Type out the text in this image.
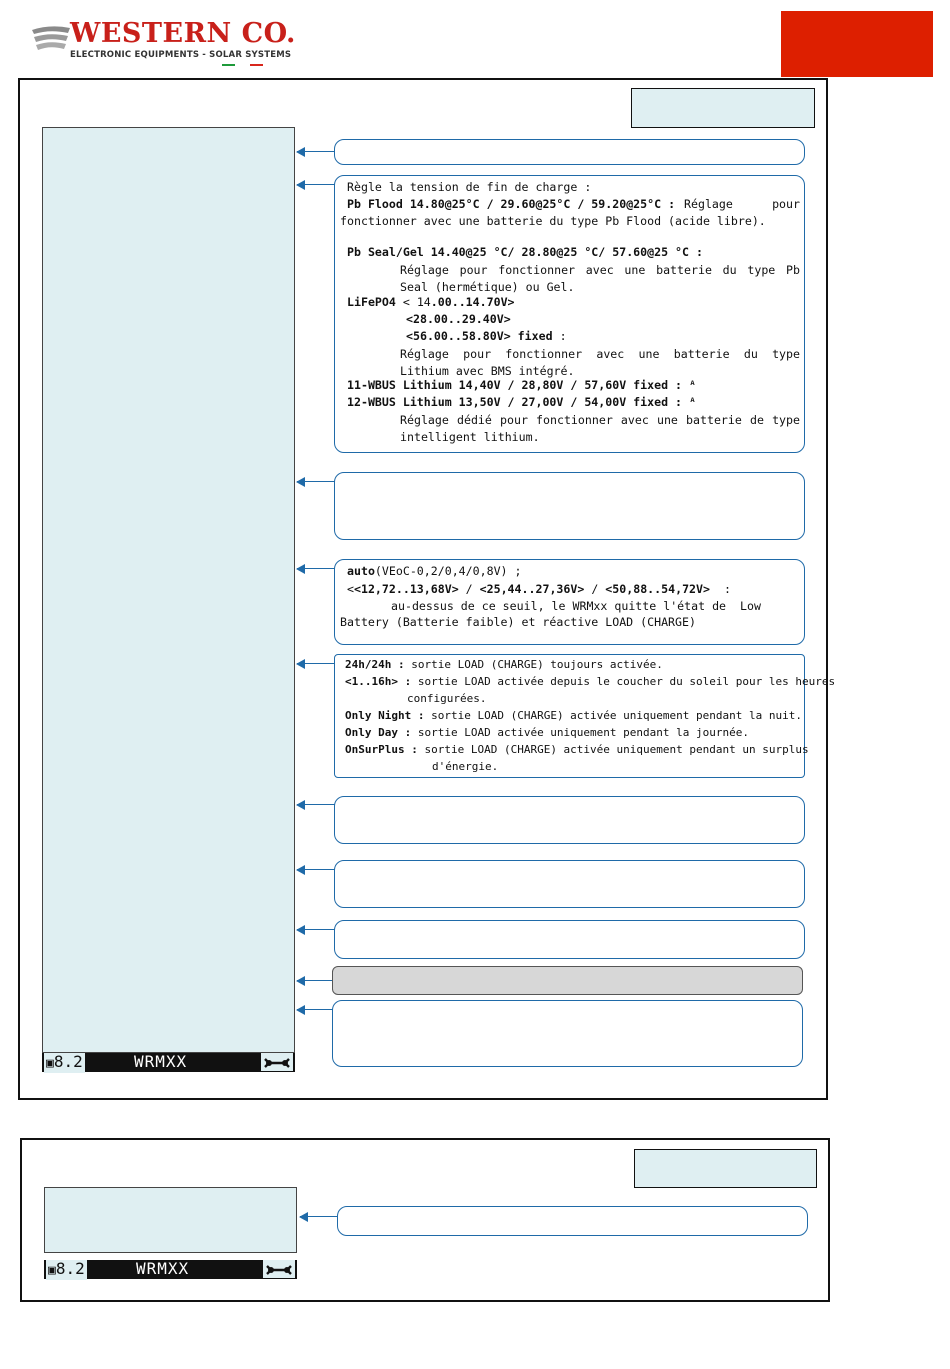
WESTERN CO.
ELECTRONIC EQUIPMENTS - SOLAR SYSTEMS
▣8.2	WRMXX
Règle la tension de fin de charge :
Pb Flood 14.80@25°C / 29.60@25°C / 59.20@25°C : Réglage pour fonctionner avec une batterie du type Pb Flood (acide libre).
Pb Seal/Gel 14.40@25 °C/ 28.80@25 °C/ 57.60@25 °C :
Réglage pour fonctionner avec une batterie du type Pb Seal (hermétique) ou Gel.
LiFePO4 < 14.00..14.70V>
<28.00..29.40V>
<56.00..58.80V> fixed :
Réglage pour fonctionner avec une batterie du type Lithium avec BMS intégré.
11-WBUS Lithium 14,40V / 28,80V / 57,60V fixed : ᴬ
12-WBUS Lithium 13,50V / 27,00V / 54,00V fixed : ᴬ
Réglage dédié pour fonctionner avec une batterie de type intelligent lithium.
auto(VEoC-0,2/0,4/0,8V) ;
<<12,72..13,68V> / <25,44..27,36V> / <50,88..54,72V>  :
au-dessus de ce seuil, le WRMxx quitte l'état de  Low
Battery (Batterie faible) et réactive LOAD (CHARGE)
24h/24h : sortie LOAD (CHARGE) toujours activée.
<1..16h> : sortie LOAD activée depuis le coucher du soleil pour les heures
configurées.
Only Night : sortie LOAD (CHARGE) activée uniquement pendant la nuit.
Only Day : sortie LOAD activée uniquement pendant la journée.
OnSurPlus : sortie LOAD (CHARGE) activée uniquement pendant un surplus
d'énergie.
▣8.2	WRMXX
